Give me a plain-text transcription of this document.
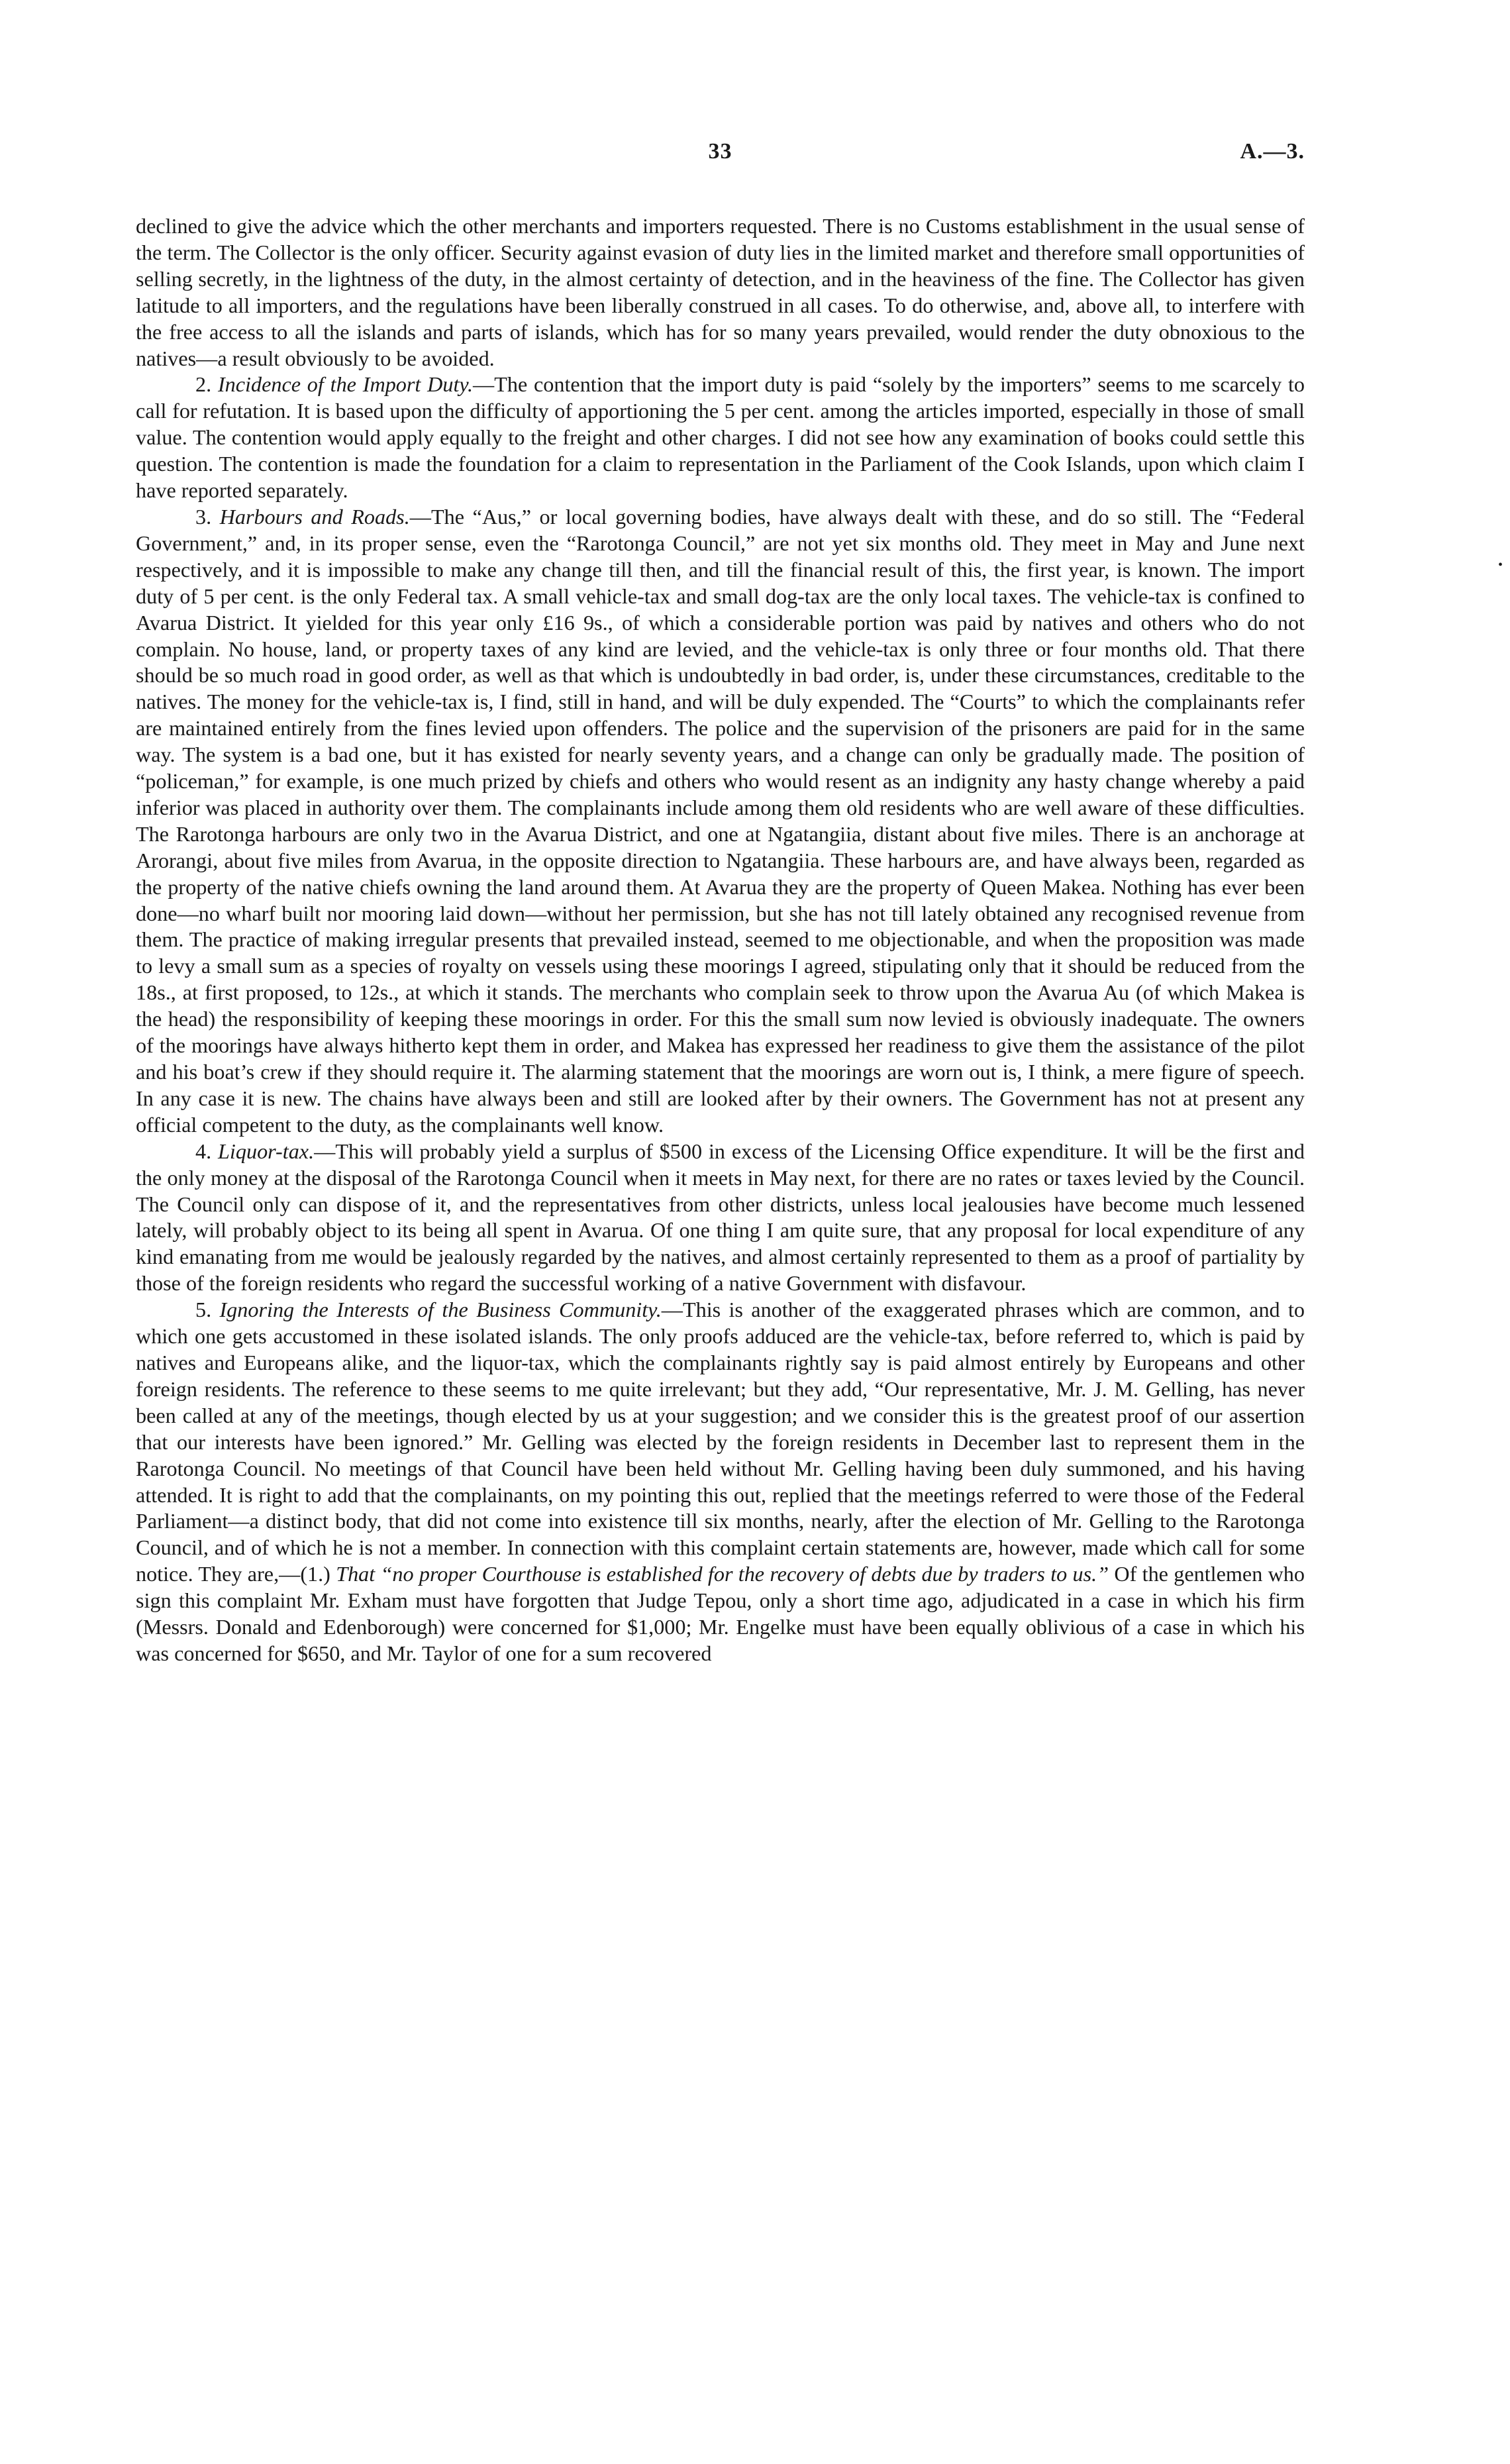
33	A.—3.
•

declined to give the advice which the other merchants and importers requested. There is no Customs establishment in the usual sense of the term. The Collector is the only officer. Security against evasion of duty lies in the limited market and therefore small opportunities of selling secretly, in the lightness of the duty, in the almost certainty of detection, and in the heaviness of the fine. The Collector has given latitude to all importers, and the regulations have been liberally construed in all cases. To do otherwise, and, above all, to interfere with the free access to all the islands and parts of islands, which has for so many years prevailed, would render the duty obnoxious to the natives—a result obviously to be avoided.

2. Incidence of the Import Duty.—The contention that the import duty is paid “solely by the importers” seems to me scarcely to call for refutation. It is based upon the difficulty of apportioning the 5 per cent. among the articles imported, especially in those of small value. The contention would apply equally to the freight and other charges. I did not see how any examination of books could settle this question. The contention is made the foundation for a claim to representation in the Parliament of the Cook Islands, upon which claim I have reported separately.

3. Harbours and Roads.—The “Aus,” or local governing bodies, have always dealt with these, and do so still. The “Federal Government,” and, in its proper sense, even the “Rarotonga Council,” are not yet six months old. They meet in May and June next respectively, and it is impossible to make any change till then, and till the financial result of this, the first year, is known. The import duty of 5 per cent. is the only Federal tax. A small vehicle-tax and small dog-tax are the only local taxes. The vehicle-tax is confined to Avarua District. It yielded for this year only £16 9s., of which a considerable portion was paid by natives and others who do not complain. No house, land, or property taxes of any kind are levied, and the vehicle-tax is only three or four months old. That there should be so much road in good order, as well as that which is undoubtedly in bad order, is, under these circumstances, creditable to the natives. The money for the vehicle-tax is, I find, still in hand, and will be duly expended. The “Courts” to which the complainants refer are maintained entirely from the fines levied upon offenders. The police and the supervision of the prisoners are paid for in the same way. The system is a bad one, but it has existed for nearly seventy years, and a change can only be gradually made. The position of “policeman,” for example, is one much prized by chiefs and others who would resent as an indignity any hasty change whereby a paid inferior was placed in authority over them. The complainants include among them old residents who are well aware of these difficulties. The Rarotonga harbours are only two in the Avarua District, and one at Ngatangiia, distant about five miles. There is an anchorage at Arorangi, about five miles from Avarua, in the opposite direction to Ngatangiia. These harbours are, and have always been, regarded as the property of the native chiefs owning the land around them. At Avarua they are the property of Queen Makea. Nothing has ever been done—no wharf built nor mooring laid down—without her permission, but she has not till lately obtained any recognised revenue from them. The practice of making irregular presents that prevailed instead, seemed to me objectionable, and when the proposition was made to levy a small sum as a species of royalty on vessels using these moorings I agreed, stipulating only that it should be reduced from the 18s., at first proposed, to 12s., at which it stands. The merchants who complain seek to throw upon the Avarua Au (of which Makea is the head) the responsibility of keeping these moorings in order. For this the small sum now levied is obviously inadequate. The owners of the moorings have always hitherto kept them in order, and Makea has expressed her readiness to give them the assistance of the pilot and his boat’s crew if they should require it. The alarming statement that the moorings are worn out is, I think, a mere figure of speech. In any case it is new. The chains have always been and still are looked after by their owners. The Government has not at present any official competent to the duty, as the complainants well know.

4. Liquor-tax.—This will probably yield a surplus of $500 in excess of the Licensing Office expenditure. It will be the first and the only money at the disposal of the Rarotonga Council when it meets in May next, for there are no rates or taxes levied by the Council. The Council only can dispose of it, and the representatives from other districts, unless local jealousies have become much lessened lately, will probably object to its being all spent in Avarua. Of one thing I am quite sure, that any proposal for local expenditure of any kind emanating from me would be jealously regarded by the natives, and almost certainly represented to them as a proof of partiality by those of the foreign residents who regard the successful working of a native Government with disfavour.

5. Ignoring the Interests of the Business Community.—This is another of the exaggerated phrases which are common, and to which one gets accustomed in these isolated islands. The only proofs adduced are the vehicle-tax, before referred to, which is paid by natives and Europeans alike, and the liquor-tax, which the complainants rightly say is paid almost entirely by Europeans and other foreign residents. The reference to these seems to me quite irrelevant; but they add, “Our representative, Mr. J. M. Gelling, has never been called at any of the meetings, though elected by us at your suggestion; and we consider this is the greatest proof of our assertion that our interests have been ignored.” Mr. Gelling was elected by the foreign residents in December last to represent them in the Rarotonga Council. No meetings of that Council have been held without Mr. Gelling having been duly summoned, and his having attended. It is right to add that the complainants, on my pointing this out, replied that the meetings referred to were those of the Federal Parliament—a distinct body, that did not come into existence till six months, nearly, after the election of Mr. Gelling to the Rarotonga Council, and of which he is not a member. In connection with this complaint certain statements are, however, made which call for some notice. They are,—(1.) That “no proper Courthouse is established for the recovery of debts due by traders to us.” Of the gentlemen who sign this complaint Mr. Exham must have forgotten that Judge Tepou, only a short time ago, adjudicated in a case in which his firm (Messrs. Donald and Edenborough) were concerned for $1,000; Mr. Engelke must have been equally oblivious of a case in which his was concerned for $650, and Mr. Taylor of one for a sum recovered
